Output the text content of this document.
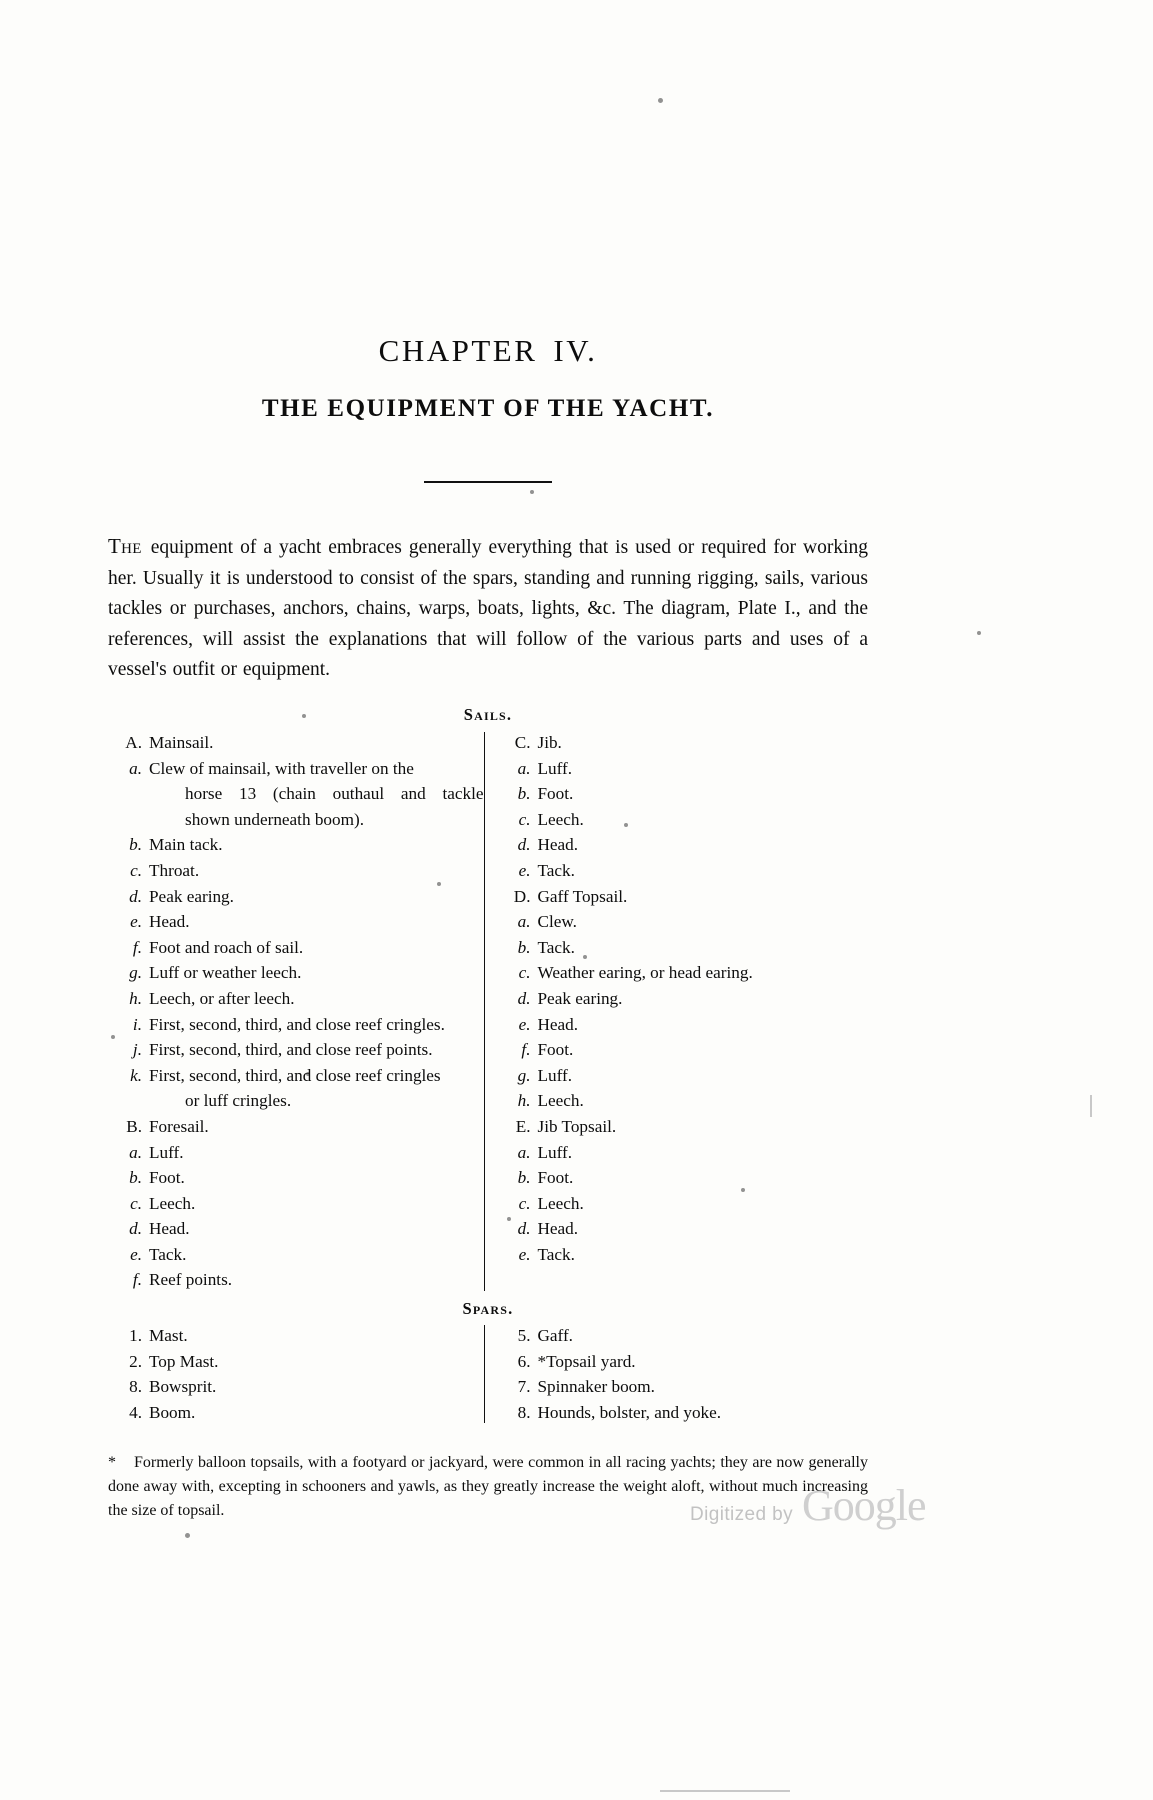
CHAPTER IV.
THE EQUIPMENT OF THE YACHT.

The equipment of a yacht embraces generally everything that is used or required for working her. Usually it is understood to consist of the spars, standing and running rigging, sails, various tackles or purchases, anchors, chains, warps, boats, lights, &c. The diagram, Plate I., and the references, will assist the explanations that will follow of the various parts and uses of a vessel's outfit or equipment.

Sails.
A. Mainsail.
a. Clew of mainsail, with traveller on the
horse 13 (chain outhaul and tackle
shown underneath boom).
b. Main tack.
c. Throat.
d. Peak earing.
e. Head.
f. Foot and roach of sail.
g. Luff or weather leech.
h. Leech, or after leech.
i. First, second, third, and close reef cringles.
j. First, second, third, and close reef points.
k. First, second, third, and close reef cringles
or luff cringles.
B. Foresail.
a. Luff.
b. Foot.
c. Leech.
d. Head.
e. Tack.
f. Reef points.
C. Jib.
a. Luff.
b. Foot.
c. Leech.
d. Head.
e. Tack.
D. Gaff Topsail.
a. Clew.
b. Tack.
c. Weather earing, or head earing.
d. Peak earing.
e. Head.
f. Foot.
g. Luff.
h. Leech.
E. Jib Topsail.
a. Luff.
b. Foot.
c. Leech.
d. Head.
e. Tack.
Spars.
1. Mast.
2. Top Mast.
8. Bowsprit.
4. Boom.
5. Gaff.
6. *Topsail yard.
7. Spinnaker boom.
8. Hounds, bolster, and yoke.

* Formerly balloon topsails, with a footyard or jackyard, were common in all racing yachts; they are now generally done away with, excepting in schooners and yawls, as they greatly increase the weight aloft, without much increasing the size of topsail.	Digitized by Google
